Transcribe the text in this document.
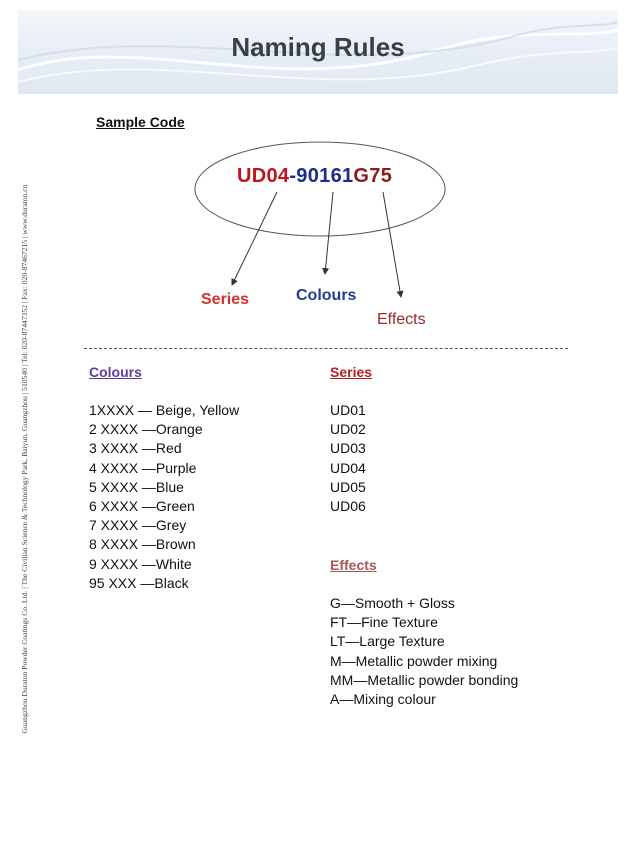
Naming Rules
Guangzhou Duraton Powder Coatings Co. Ltd. | The Civilian Science & Technology Park, Baiyun, Guangzhou | 510540 | Tel: 020-87447352 | Fax: 020-87467215 | www.duraton.cn
Sample Code
UD04-90161G75
Series	Colours
Effects
Colours
1XXXX — Beige, Yellow
2 XXXX —Orange
3 XXXX —Red
4 XXXX —Purple
5 XXXX —Blue
6 XXXX —Green
7 XXXX —Grey
8 XXXX —Brown
9 XXXX —White
95 XXX —Black
Series
UD01
UD02
UD03
UD04
UD05
UD06
Effects
G—Smooth + Gloss
FT—Fine Texture
LT—Large Texture
M—Metallic powder mixing
MM—Metallic powder bonding
A—Mixing colour
